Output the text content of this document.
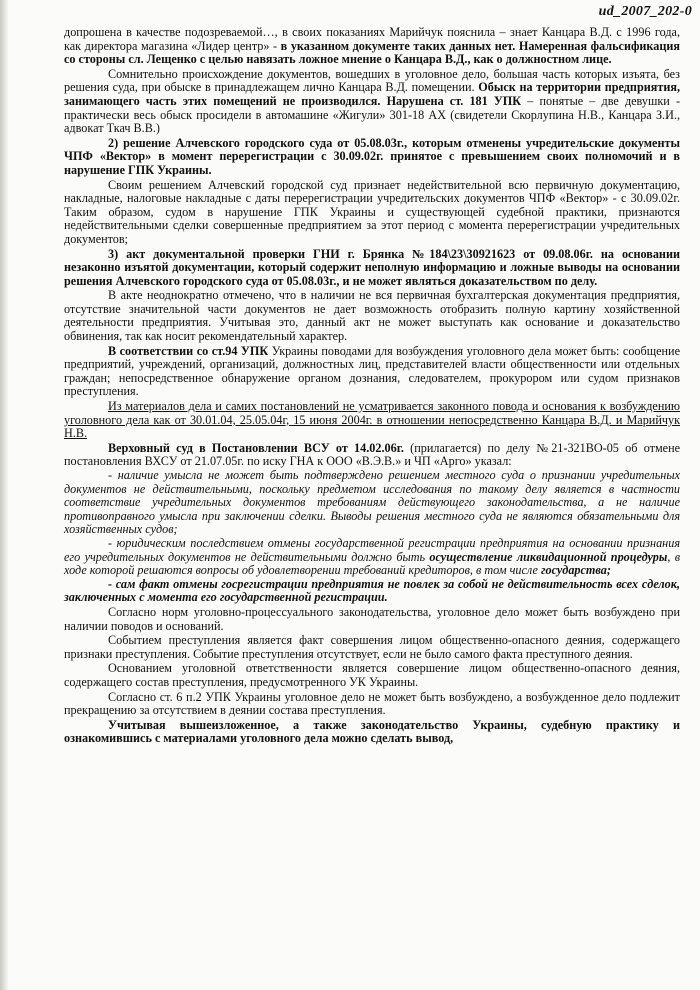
ud_2007_202-0

допрошена в качестве подозреваемой…, в своих показаниях Марийчук пояснила – знает Канцара В.Д. с 1996 года, как директора магазина «Лидер центр» - в указанном документе таких данных нет. Намеренная фальсификация со стороны сл. Лещенко с целью навязать ложное мнение о Канцара В.Д., как о должностном лице.

Сомнительно происхождение документов, вошедших в уголовное дело, большая часть которых изъята, без решения суда, при обыске в принадлежащем лично Канцара В.Д. помещении. Обыск на территории предприятия, занимающего часть этих помещений не производился. Нарушена ст. 181 УПК – понятые – две девушки - практически весь обыск просидели в автомашине «Жигули» 301-18 АХ (свидетели Скорлупина Н.В., Канцара З.И., адвокат Ткач В.В.)

2) решение Алчевского городского суда от 05.08.03г., которым отменены учредительские документы ЧПФ «Вектор» в момент перерегистрации с 30.09.02г. принятое с превышением своих полномочий и в нарушение ГПК Украины.

Своим решением Алчевский городской суд признает недействительной всю первичную документацию, накладные, налоговые накладные с даты перерегистрации учредительских документов ЧПФ «Вектор» - с 30.09.02г. Таким образом, судом в нарушение ГПК Украины и существующей судебной практики, признаются недействительными сделки совершенные предприятием за этот период с момента перерегистрации учредительных документов;

3) акт документальной проверки ГНИ г. Брянка №184\23\30921623 от 09.08.06г. на основании незаконно изъятой документации, который содержит неполную информацию и ложные выводы на основании решения Алчевского городского суда от 05.08.03г., и не может являться доказательством по делу.

В акте неоднократно отмечено, что в наличии не вся первичная бухгалтерская документация предприятия, отсутствие значительной части документов не дает возможность отобразить полную картину хозяйственной деятельности предприятия. Учитывая это, данный акт не может выступать как основание и доказательство обвинения, так как носит рекомендательный характер.

В соответствии со ст.94 УПК Украины поводами для возбуждения уголовного дела может быть: сообщение предприятий, учреждений, организаций, должностных лиц, представителей власти общественности или отдельных граждан; непосредственное обнаружение органом дознания, следователем, прокурором или судом признаков преступления.

Из материалов дела и самих постановлений не усматривается законного повода и основания к возбуждению уголовного дела как от 30.01.04, 25.05.04г, 15 июня 2004г. в отношении непосредственно Канцара В.Д. и Марийчук Н.В.

Верховный суд в Постановлении ВСУ от 14.02.06г. (прилагается) по делу №21-321ВО-05 об отмене постановления ВХСУ от 21.07.05г. по иску ГНА к ООО «В.Э.В.» и ЧП «Арго» указал:

- наличие умысла не может быть подтверждено решением местного суда о признании учредительных документов не действительными, поскольку предметом исследования по такому делу является в частности соответствие учредительных документов требованиям действующего законодательства, а не наличие противоправного умысла при заключении сделки. Выводы решения местного суда не являются обязательными для хозяйственных судов;

- юридическим последствием отмены государственной регистрации предприятия на основании признания его учредительных документов не действительными должно быть осуществление ликвидационной процедуры, в ходе которой решаются вопросы об удовлетворении требований кредиторов, в том числе государства;

- сам факт отмены госрегистрации предприятия не повлек за собой не действительность всех сделок, заключенных с момента его государственной регистрации.

Согласно норм уголовно-процессуального законодательства, уголовное дело может быть возбуждено при наличии поводов и оснований.

Событием преступления является факт совершения лицом общественно-опасного деяния, содержащего признаки преступления. Событие преступления отсутствует, если не было самого факта преступного деяния.

Основанием уголовной ответственности является совершение лицом общественно-опасного деяния, содержащего состав преступления, предусмотренного УК Украины.

Согласно ст. 6 п.2 УПК Украины уголовное дело не может быть возбуждено, а возбужденное дело подлежит прекращению за отсутствием в деянии состава преступления.

Учитывая вышеизложенное, а также законодательство Украины, судебную практику и ознакомившись с материалами уголовного дела можно сделать вывод,
